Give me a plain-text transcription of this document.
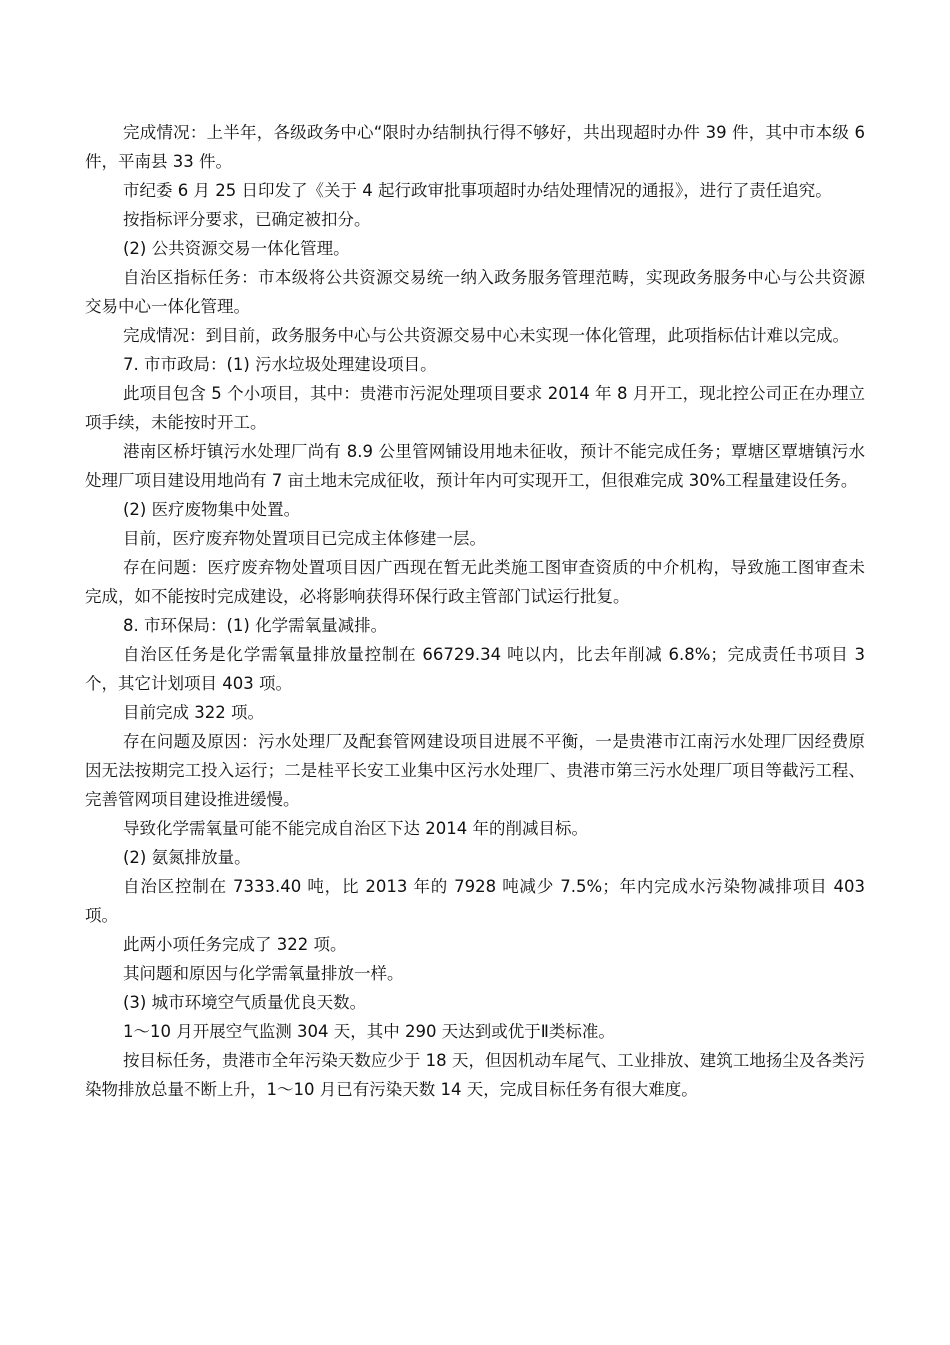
完成情况：上半年，各级政务中心“限时办结制执行得不够好，共出现超时办件 39 件，其中市本级 6 件，平南县 33 件。

市纪委 6 月 25 日印发了《关于 4 起行政审批事项超时办结处理情况的通报》，进行了责任追究。

按指标评分要求，已确定被扣分。

(2) 公共资源交易一体化管理。

自治区指标任务：市本级将公共资源交易统一纳入政务服务管理范畴，实现政务服务中心与公共资源交易中心一体化管理。

完成情况：到目前，政务服务中心与公共资源交易中心未实现一体化管理，此项指标估计难以完成。

7. 市市政局：(1) 污水垃圾处理建设项目。

此项目包含 5 个小项目，其中：贵港市污泥处理项目要求 2014 年 8 月开工，现北控公司正在办理立项手续，未能按时开工。

港南区桥圩镇污水处理厂尚有 8.9 公里管网铺设用地未征收，预计不能完成任务；覃塘区覃塘镇污水处理厂项目建设用地尚有 7 亩土地未完成征收，预计年内可实现开工，但很难完成 30%工程量建设任务。

(2) 医疗废物集中处置。

目前，医疗废弃物处置项目已完成主体修建一层。

存在问题：医疗废弃物处置项目因广西现在暂无此类施工图审查资质的中介机构，导致施工图审查未完成，如不能按时完成建设，必将影响获得环保行政主管部门试运行批复。

8. 市环保局：(1) 化学需氧量减排。

自治区任务是化学需氧量排放量控制在 66729.34 吨以内，比去年削减 6.8%；完成责任书项目 3 个，其它计划项目 403 项。

目前完成 322 项。

存在问题及原因：污水处理厂及配套管网建设项目进展不平衡，一是贵港市江南污水处理厂因经费原因无法按期完工投入运行；二是桂平长安工业集中区污水处理厂、贵港市第三污水处理厂项目等截污工程、完善管网项目建设推进缓慢。

导致化学需氧量可能不能完成自治区下达 2014 年的削减目标。

(2) 氨氮排放量。

自治区控制在 7333.40 吨，比 2013 年的 7928 吨减少 7.5%；年内完成水污染物减排项目 403 项。

此两小项任务完成了 322 项。

其问题和原因与化学需氧量排放一样。

(3) 城市环境空气质量优良天数。

1～10 月开展空气监测 304 天，其中 290 天达到或优于Ⅱ类标准。

按目标任务，贵港市全年污染天数应少于 18 天，但因机动车尾气、工业排放、建筑工地扬尘及各类污染物排放总量不断上升，1～10 月已有污染天数 14 天，完成目标任务有很大难度。
